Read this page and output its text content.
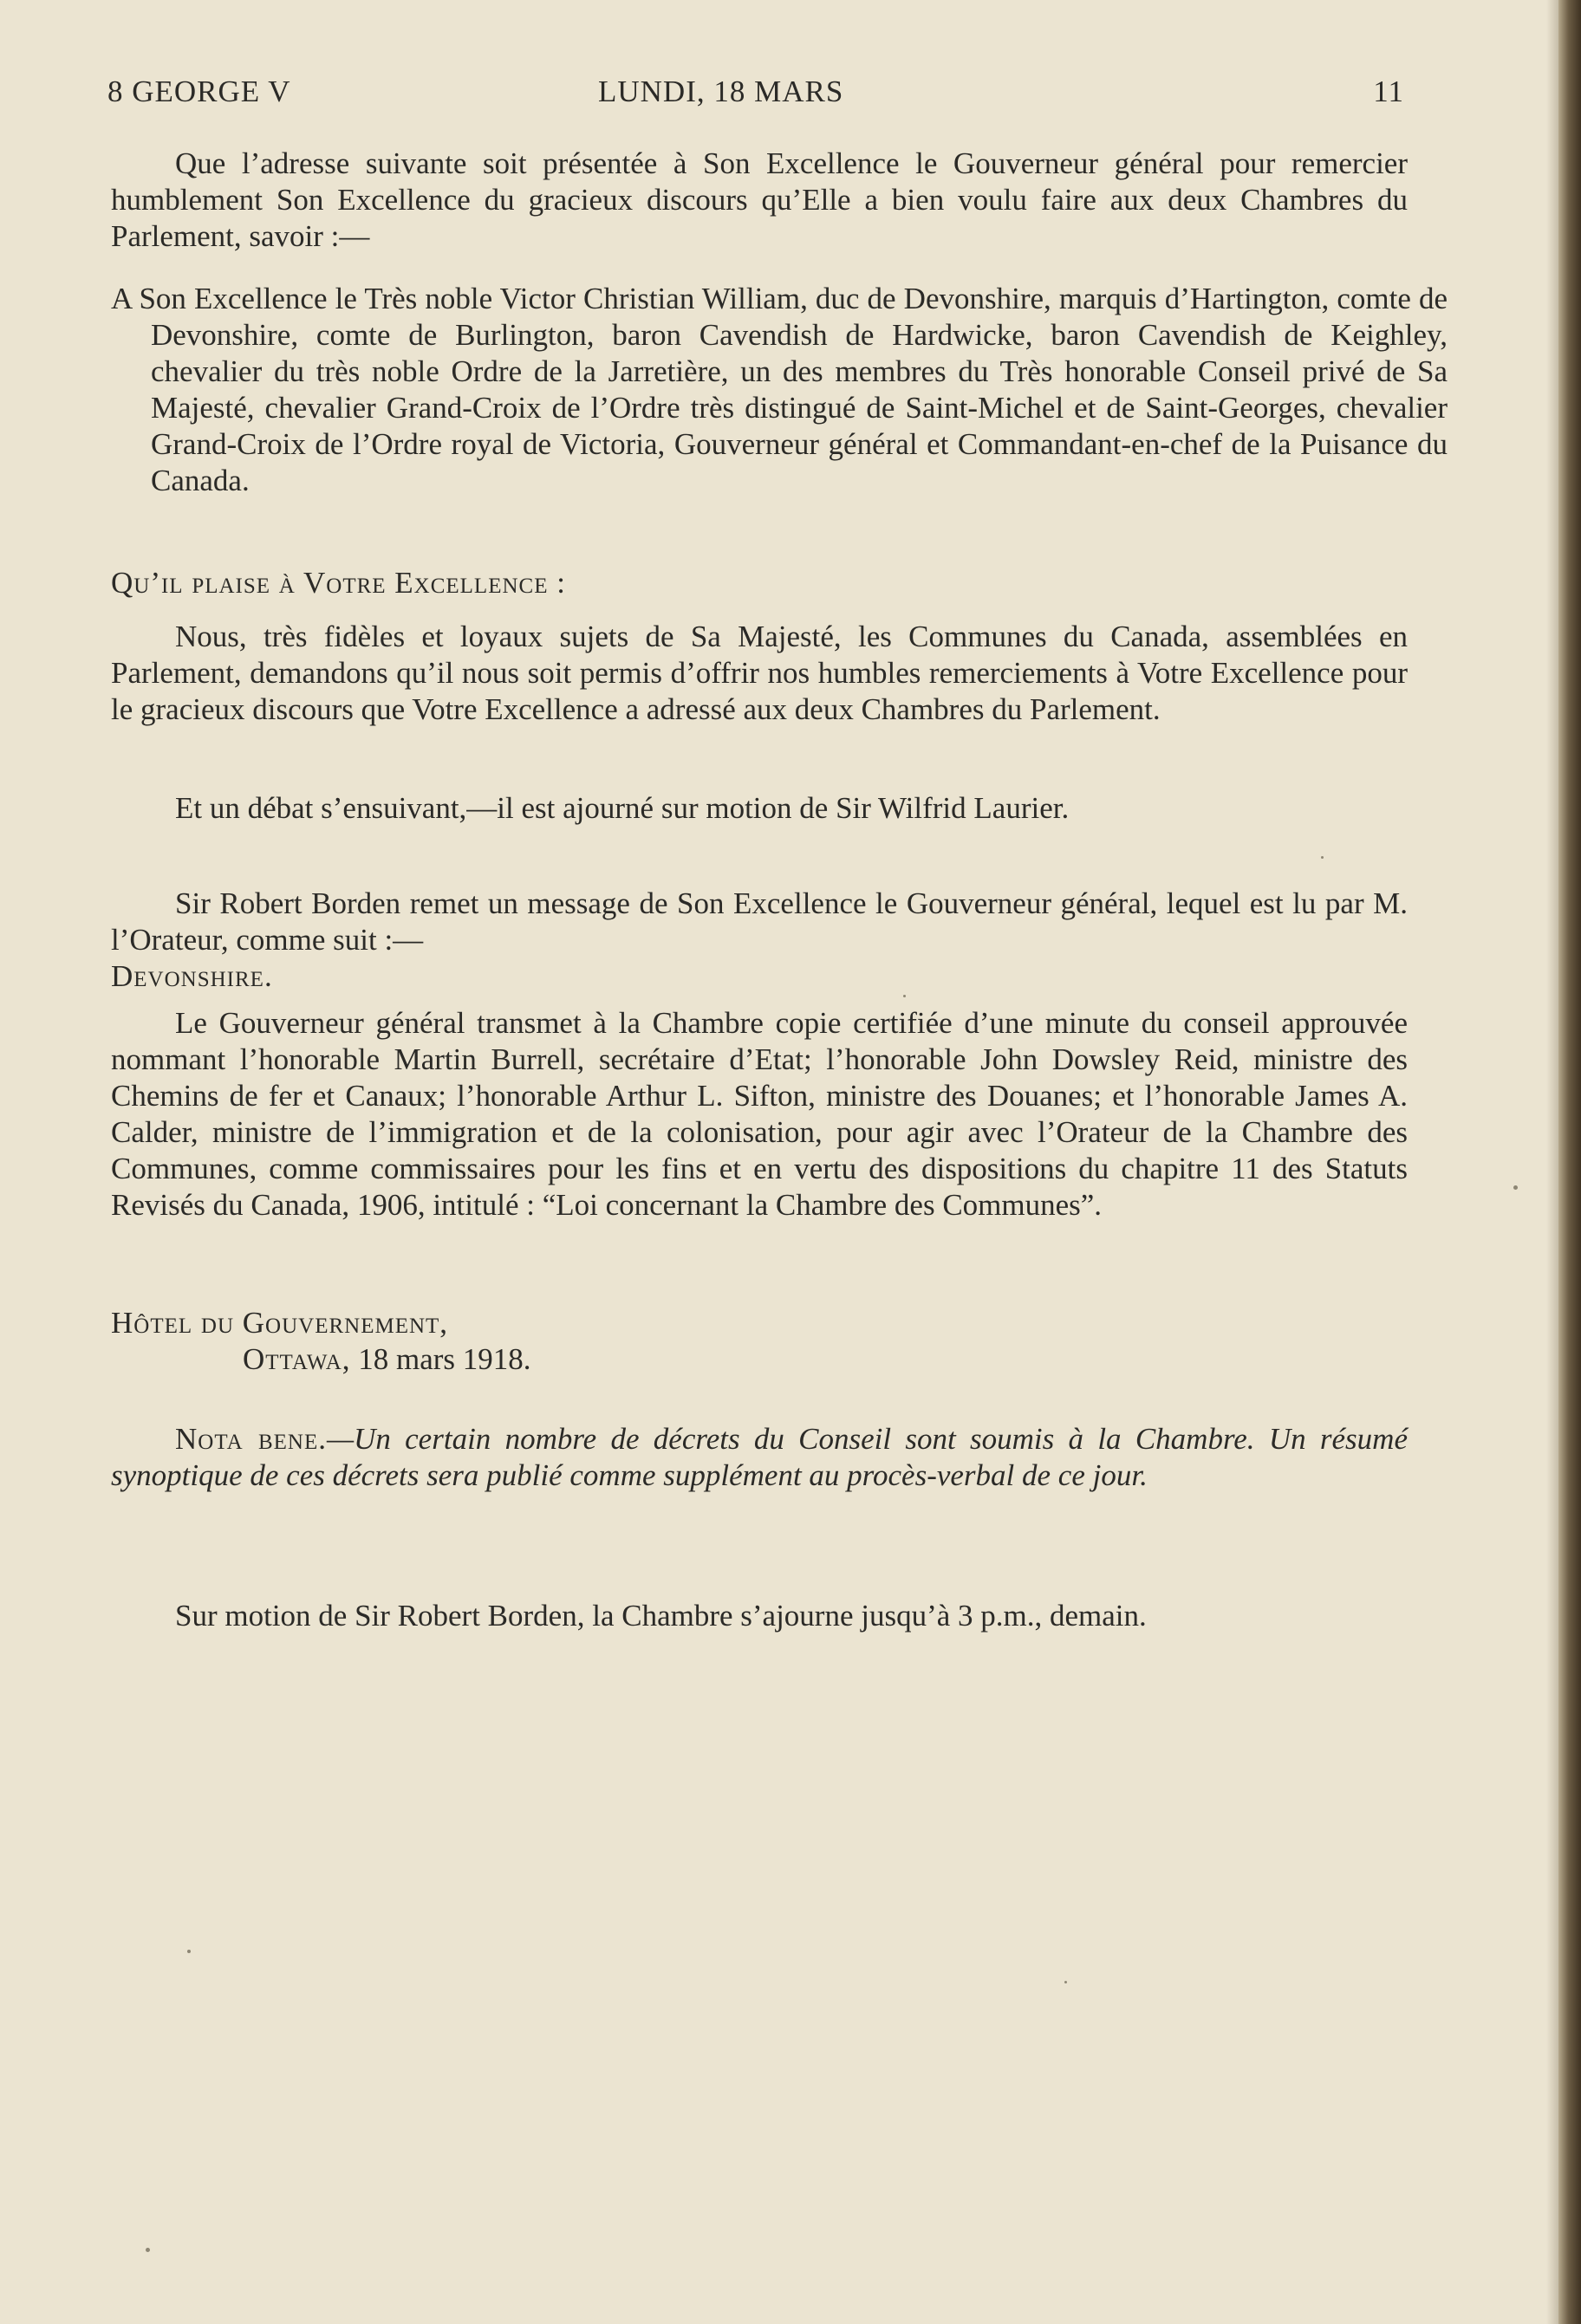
8 GEORGE V	LUNDI, 18 MARS	11
Que l’adresse suivante soit présentée à Son Excellence le Gouverneur général pour remercier humblement Son Excellence du gracieux discours qu’Elle a bien voulu faire aux deux Chambres du Parlement, savoir :—
A Son Excellence le Très noble Victor Christian William, duc de Devonshire, marquis d’Hartington, comte de Devonshire, comte de Burlington, baron Cavendish de Hardwicke, baron Cavendish de Keighley, chevalier du très noble Ordre de la Jarretière, un des membres du Très honorable Conseil privé de Sa Majesté, chevalier Grand-Croix de l’Ordre très distingué de Saint-Michel et de Saint-Georges, chevalier Grand-Croix de l’Ordre royal de Victoria, Gouverneur général et Commandant-en-chef de la Puisance du Canada.
Qu’il plaise à Votre Excellence :
Nous, très fidèles et loyaux sujets de Sa Majesté, les Communes du Canada, assemblées en Parlement, demandons qu’il nous soit permis d’offrir nos humbles remerciements à Votre Excellence pour le gracieux discours que Votre Excellence a adressé aux deux Chambres du Parlement.
Et un débat s’ensuivant,—il est ajourné sur motion de Sir Wilfrid Laurier.
Sir Robert Borden remet un message de Son Excellence le Gouverneur général, lequel est lu par M. l’Orateur, comme suit :—
Devonshire.
Le Gouverneur général transmet à la Chambre copie certifiée d’une minute du conseil approuvée nommant l’honorable Martin Burrell, secrétaire d’Etat; l’honorable John Dowsley Reid, ministre des Chemins de fer et Canaux; l’honorable Arthur L. Sifton, ministre des Douanes; et l’honorable James A. Calder, ministre de l’immigration et de la colonisation, pour agir avec l’Orateur de la Chambre des Communes, comme commissaires pour les fins et en vertu des dispositions du chapitre 11 des Statuts Revisés du Canada, 1906, intitulé : “Loi concernant la Chambre des Communes”.
Hôtel du Gouvernement,
Ottawa, 18 mars 1918.
Nota bene.—Un certain nombre de décrets du Conseil sont soumis à la Chambre. Un résumé synoptique de ces décrets sera publié comme supplément au procès-verbal de ce jour.
Sur motion de Sir Robert Borden, la Chambre s’ajourne jusqu’à 3 p.m., demain.
